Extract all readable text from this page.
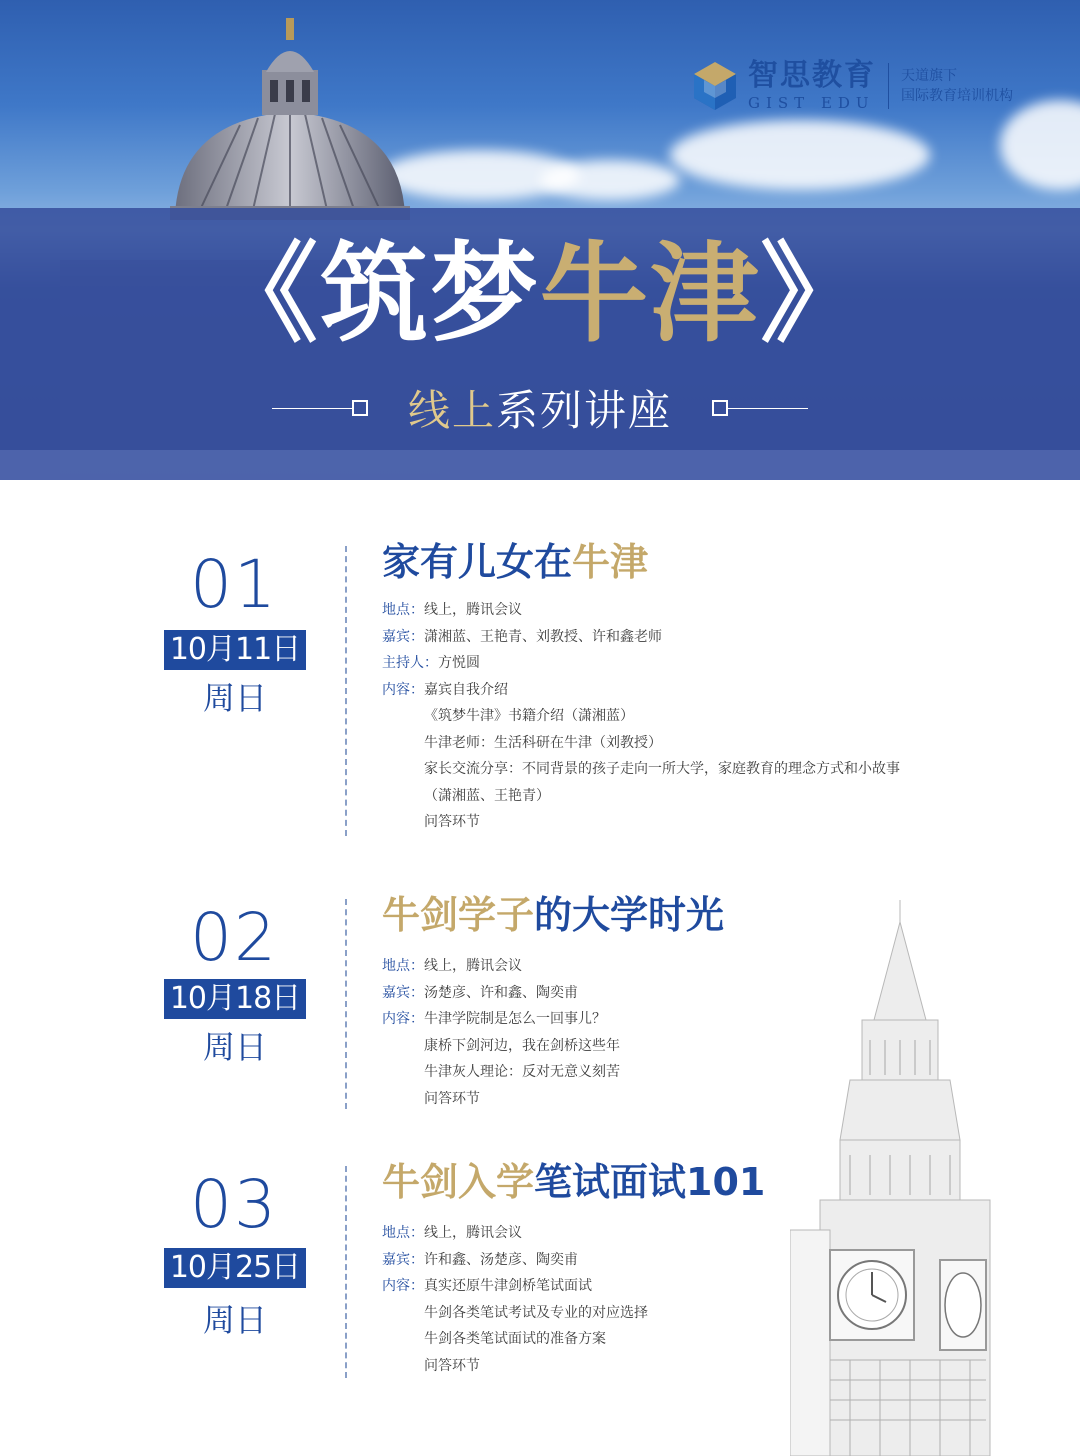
智思教育
GIST EDU
天道旗下
国际教育培训机构
《筑梦牛津》
线上系列讲座
01
10月11日
周日
家有儿女在牛津
地点：线上，腾讯会议
嘉宾：潇湘蓝、王艳青、刘教授、许和鑫老师
主持人：方悦圆
内容：嘉宾自我介绍
《筑梦牛津》书籍介绍（潇湘蓝）
牛津老师：生活科研在牛津（刘教授）
家长交流分享：不同背景的孩子走向一所大学，家庭教育的理念方式和小故事
（潇湘蓝、王艳青）
问答环节
02
10月18日
周日
牛剑学子的大学时光
地点：线上，腾讯会议
嘉宾：汤楚彦、许和鑫、陶奕甫
内容：牛津学院制是怎么一回事儿？
康桥下剑河边，我在剑桥这些年
牛津灰人理论：反对无意义刻苦
问答环节
03
10月25日
周日
牛剑入学笔试面试101
地点：线上，腾讯会议
嘉宾：许和鑫、汤楚彦、陶奕甫
内容：真实还原牛津剑桥笔试面试
牛剑各类笔试考试及专业的对应选择
牛剑各类笔试面试的准备方案
问答环节
